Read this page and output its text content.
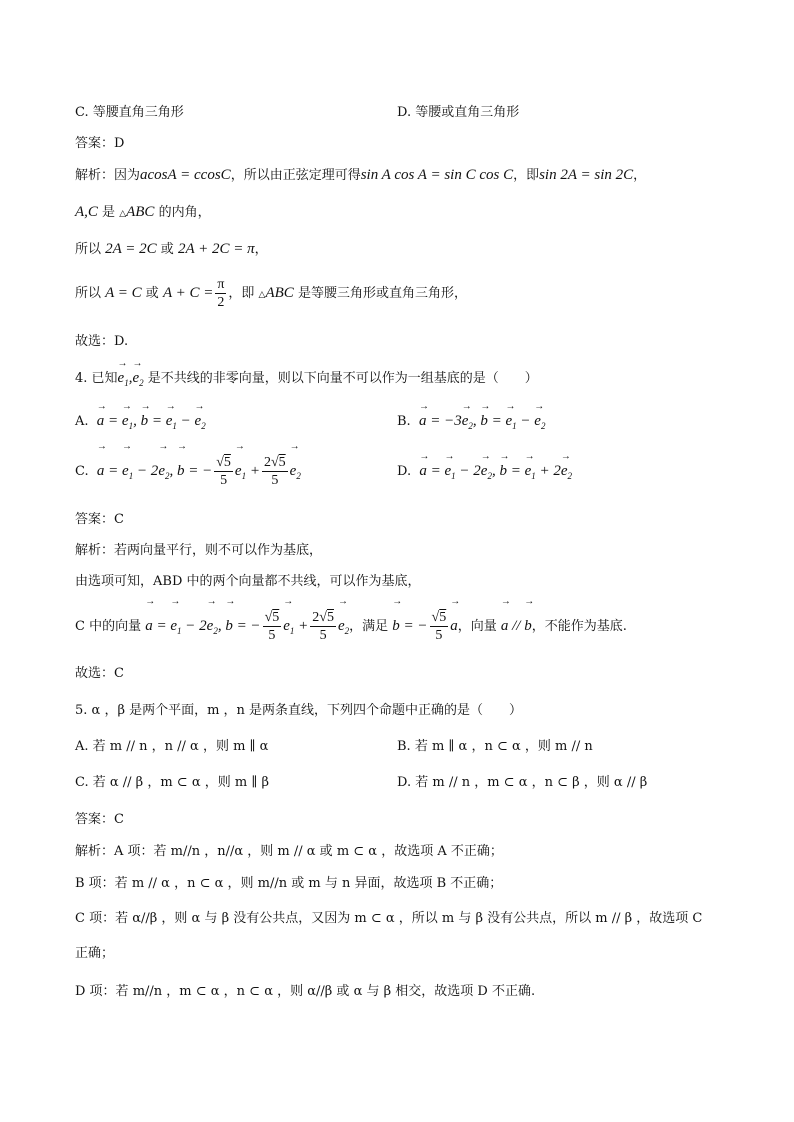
C. 等腰直角三角形	D. 等腰或直角三角形
答案：D
解析：因为acosA = ccosC，所以由正弦定理可得sin A cos A = sin C cos C，即sin 2A = sin 2C，
A,C 是 △ABC 的内角，
所以 2A = 2C 或 2A + 2C = π，
所以 A = C 或 $A + C = \frac{\pi}{2}$ ，即 △ABC 是等腰三角形或直角三角形，
故选：D.
4. 已知→ $e_1,\to e_2$ 是不共线的非零向量，则以下向量不可以作为一组基底的是（　　）
A. → a = → $e_1$, → b = → $e_1$ − → $e_2$	B. → $a = -3\to e_2$, → b = → $e_1$ − → $e_2$
C. → a = → $e_1 - 2\to e_2$, → b = − $\frac{√5}{5} \to e_1 + \frac{2√5}{5} \to e_2$	D. → a = → $e_1 - 2\to e_2$, → b = → $e_1 + 2\to e_2$
答案：C
解析：若两向量平行，则不可以作为基底，
由选项可知，ABD 中的两个向量都不共线，可以作为基底，
C 中的向量 → a = → $e_1 - 2\to e_2$, → b = − $\frac{√5}{5} \to e_1 + \frac{2√5}{5} \to e_2$，满足 → b = − $\frac{√5}{5} \to a$，向量 → a // → b，不能作为基底.
故选：C
5. α ，β 是两个平面，m ，n 是两条直线，下列四个命题中正确的是（　　）
A. 若 m // n ，n // α ，则 m ∥ α	B. 若 m ∥ α ，n ⊂ α ，则 m // n
C. 若 α // β ，m ⊂ α ，则 m ∥ β	D. 若 m // n ，m ⊂ α ，n ⊂ β ，则 α // β
答案：C
解析：A 项：若 m//n ，n//α ，则 m // α 或 m ⊂ α ，故选项 A 不正确；
B 项：若 m // α ，n ⊂ α ，则 m//n 或 m 与 n 异面，故选项 B 不正确；
C 项：若 α//β ，则 α 与 β 没有公共点，又因为 m ⊂ α ，所以 m 与 β 没有公共点，所以 m // β ，故选项 C
正确；
D 项：若 m//n ，m ⊂ α ，n ⊂ α ，则 α//β 或 α 与 β 相交，故选项 D 不正确.
